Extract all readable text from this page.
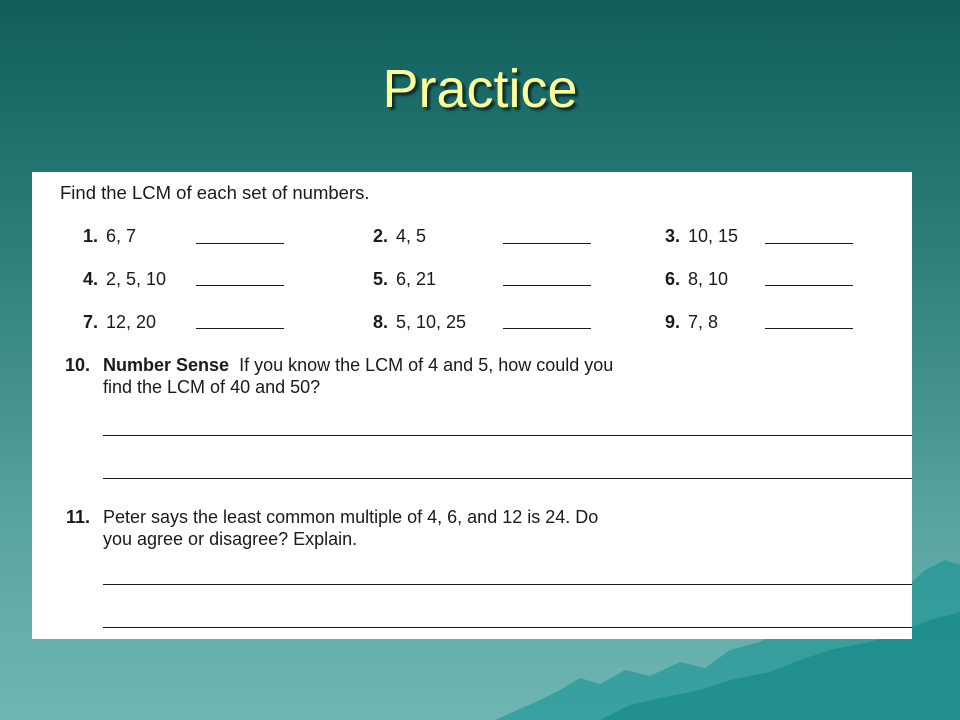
Practice
Find the LCM of each set of numbers.
1. 6, 7	2. 4, 5	3. 10, 15
4. 2, 5, 10	5. 6, 21	6. 8, 10
7. 12, 20	8. 5, 10, 25	9. 7, 8
10. Number Sense If you know the LCM of 4 and 5, how could you
find the LCM of 40 and 50?
11. Peter says the least common multiple of 4, 6, and 12 is 24. Do
you agree or disagree? Explain.
